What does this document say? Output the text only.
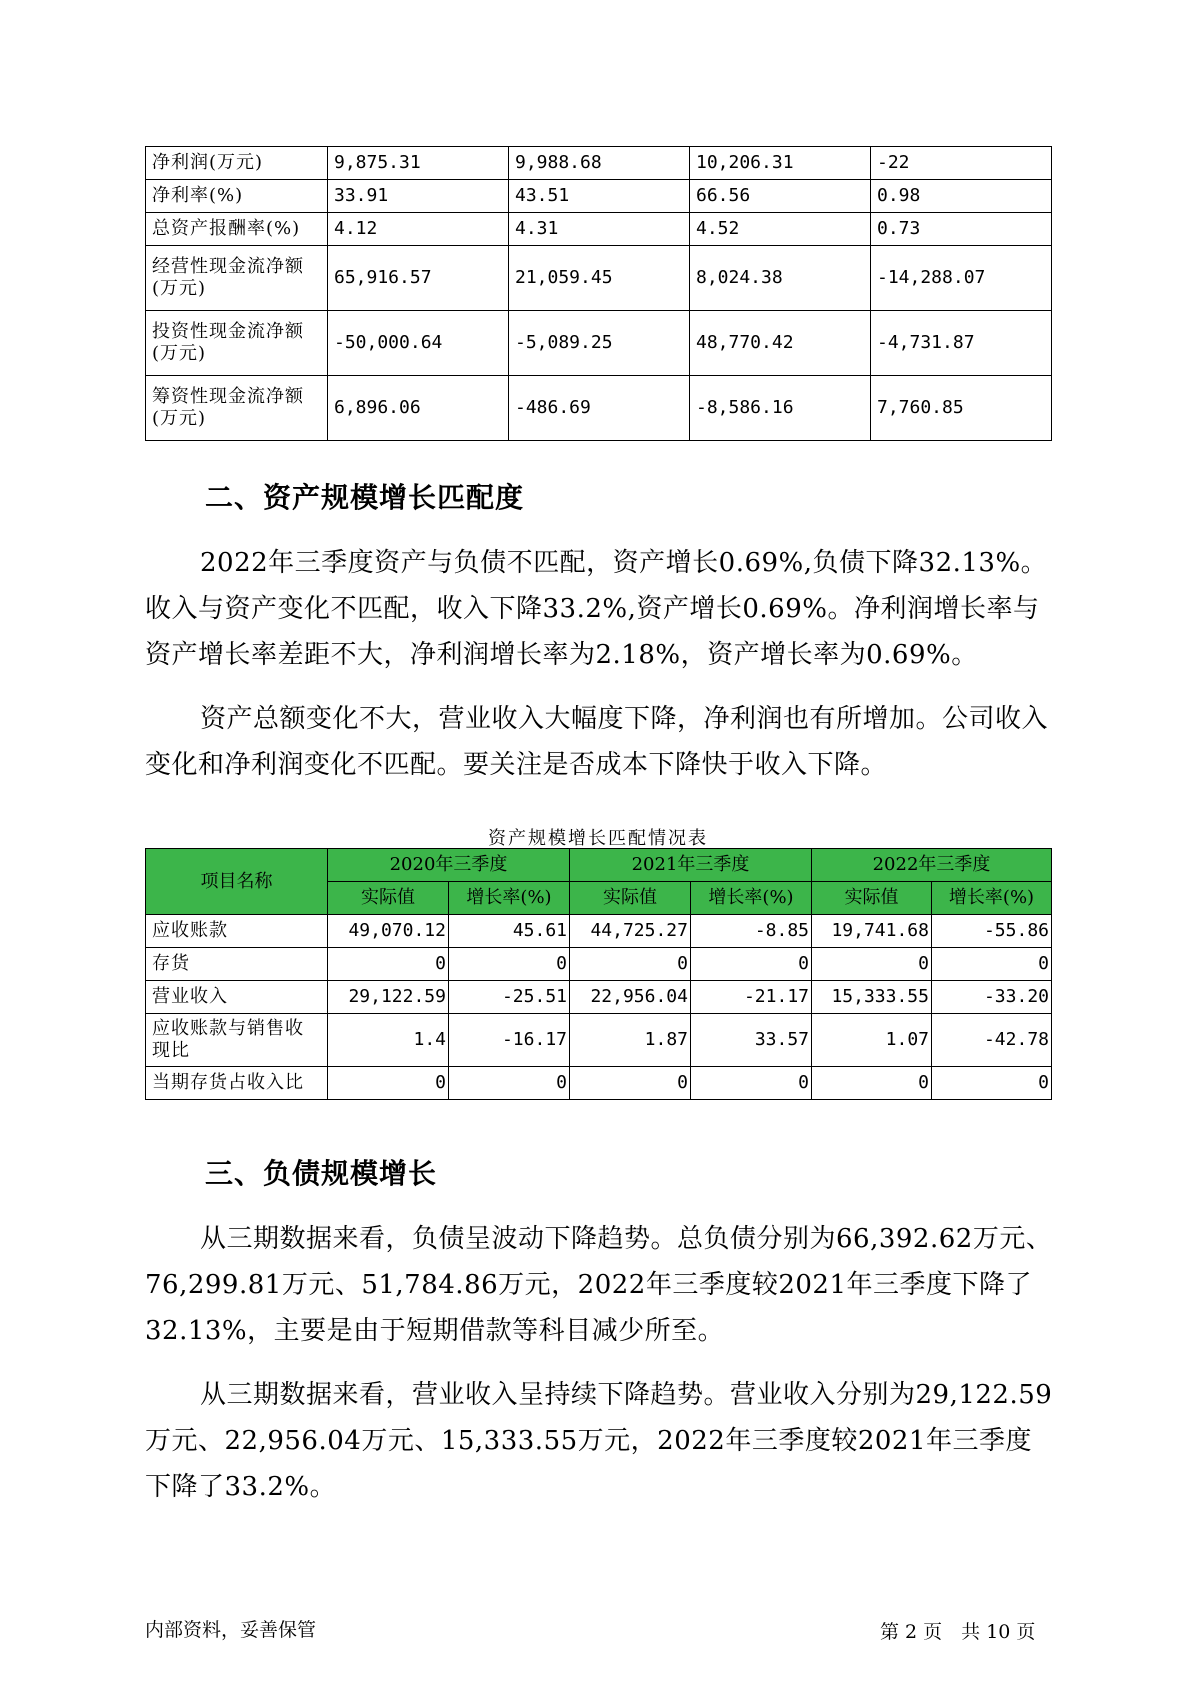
净利润(万元)	9,875.31	9,988.68	10,206.31	-22
净利率(%)	33.91	43.51	66.56	0.98
总资产报酬率(%)	4.12	4.31	4.52	0.73
经营性现金流净额(万元)	65,916.57	21,059.45	8,024.38	-14,288.07
投资性现金流净额(万元)	-50,000.64	-5,089.25	48,770.42	-4,731.87
筹资性现金流净额(万元)	6,896.06	-486.69	-8,586.16	7,760.85
二、资产规模增长匹配度

2022年三季度资产与负债不匹配，资产增长0.69%,负债下降32.13%。收入与资产变化不匹配，收入下降33.2%,资产增长0.69%。净利润增长率与资产增长率差距不大，净利润增长率为2.18%，资产增长率为0.69%。

资产总额变化不大，营业收入大幅度下降，净利润也有所增加。公司收入变化和净利润变化不匹配。要关注是否成本下降快于收入下降。

资产规模增长匹配情况表
项目名称	2020年三季度		2021年三季度		2022年三季度	
	实际值	增长率(%)	实际值	增长率(%)	实际值	增长率(%)
应收账款	49,070.12	45.61	44,725.27	-8.85	19,741.68	-55.86
存货	0	0	0	0	0	0
营业收入	29,122.59	-25.51	22,956.04	-21.17	15,333.55	-33.20
应收账款与销售收现比	1.4	-16.17	1.87	33.57	1.07	-42.78
当期存货占收入比	0	0	0	0	0	0
三、负债规模增长

从三期数据来看，负债呈波动下降趋势。总负债分别为66,392.62万元、76,299.81万元、51,784.86万元，2022年三季度较2021年三季度下降了32.13%，主要是由于短期借款等科目减少所至。

从三期数据来看，营业收入呈持续下降趋势。营业收入分别为29,122.59万元、22,956.04万元、15,333.55万元，2022年三季度较2021年三季度下降了33.2%。

内部资料，妥善保管	第 2 页　共 10 页
